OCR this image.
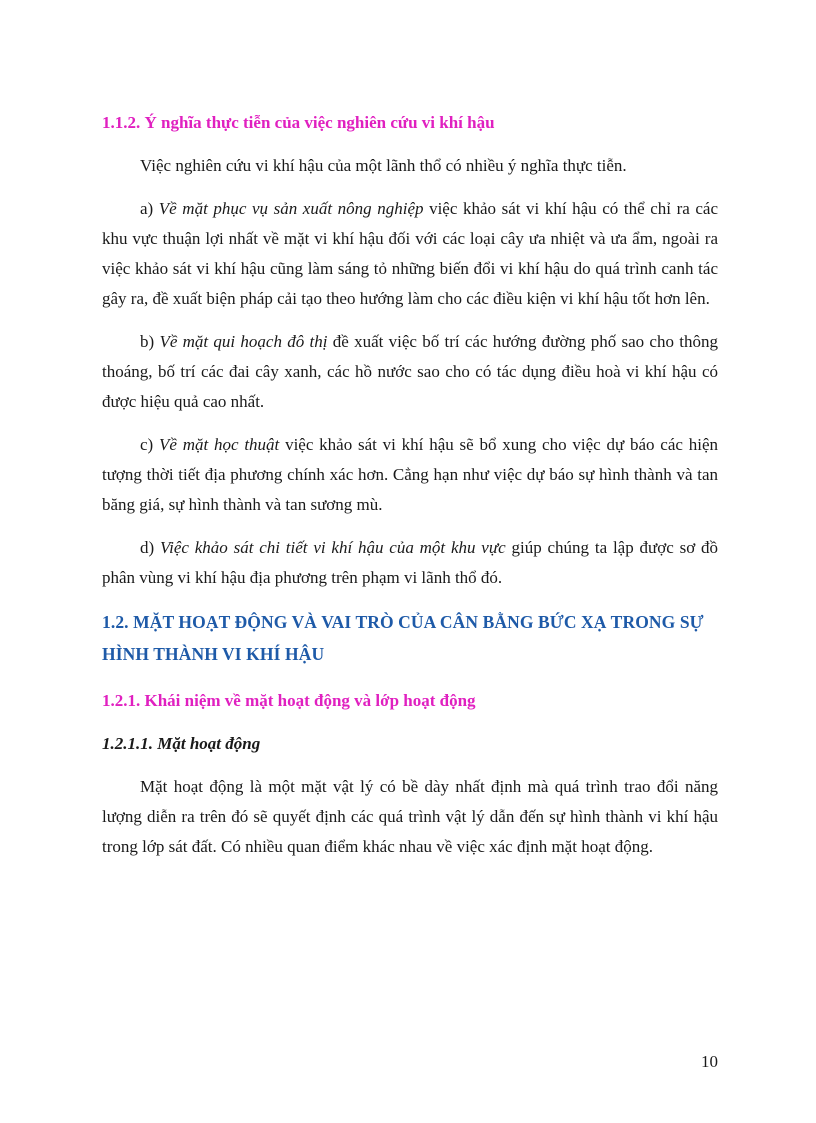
1.1.2. Ý nghĩa thực tiễn của việc nghiên cứu vi khí hậu

Việc nghiên cứu vi khí hậu của một lãnh thổ có nhiều ý nghĩa thực tiễn.

a) Về mặt phục vụ sản xuất nông nghiệp việc khảo sát vi khí hậu có thể chỉ ra các khu vực thuận lợi nhất về mặt vi khí hậu đối với các loại cây ưa nhiệt và ưa ẩm, ngoài ra việc khảo sát vi khí hậu cũng làm sáng tỏ những biến đổi vi khí hậu do quá trình canh tác gây ra, đề xuất biện pháp cải tạo theo hướng làm cho các điều kiện vi khí hậu tốt hơn lên.

b) Về mặt qui hoạch đô thị đề xuất việc bố trí các hướng đường phố sao cho thông thoáng, bố trí các đai cây xanh, các hồ nước sao cho có tác dụng điều hoà vi khí hậu có được hiệu quả cao nhất.

c) Về mặt học thuật việc khảo sát vi khí hậu sẽ bổ xung cho việc dự báo các hiện tượng thời tiết địa phương chính xác hơn. Cẳng hạn như việc dự báo sự hình thành và tan băng giá, sự hình thành và tan sương mù.

d) Việc khảo sát chi tiết vi khí hậu của một khu vực giúp chúng ta lập được sơ đồ phân vùng vi khí hậu địa phương trên phạm vi lãnh thổ đó.

1.2. MẶT HOẠT ĐỘNG VÀ VAI TRÒ CỦA CÂN BẰNG BỨC XẠ TRONG SỰ HÌNH THÀNH VI KHÍ HẬU
1.2.1. Khái niệm về mặt hoạt động và lớp hoạt động
1.2.1.1. Mặt hoạt động

Mặt hoạt động là một mặt vật lý có bề dày nhất định mà quá trình trao đổi năng lượng diễn ra trên đó sẽ quyết định các quá trình vật lý dẫn đến sự hình thành vi khí hậu trong lớp sát đất. Có nhiều quan điểm khác nhau về việc xác định mặt hoạt động.

10
